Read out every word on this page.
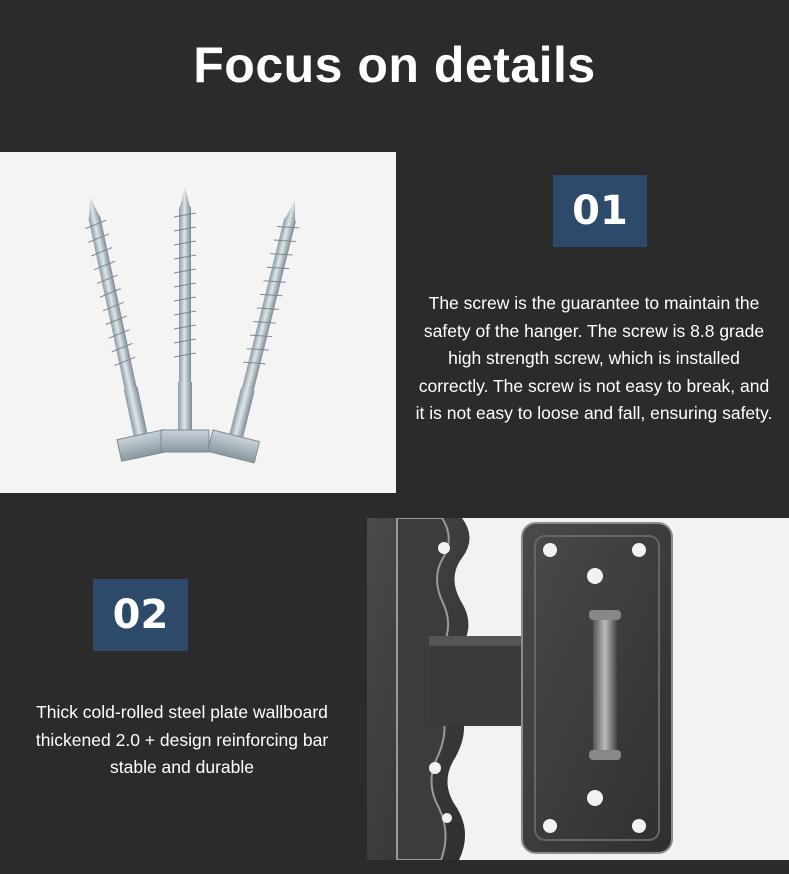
Focus on details
01
The screw is the guarantee to maintain the safety of the hanger. The screw is 8.8 grade high strength screw, which is installed correctly. The screw is not easy to break, and it is not easy to loose and fall, ensuring safety.
02
Thick cold-rolled steel plate wallboard thickened 2.0 + design reinforcing bar stable and durable
